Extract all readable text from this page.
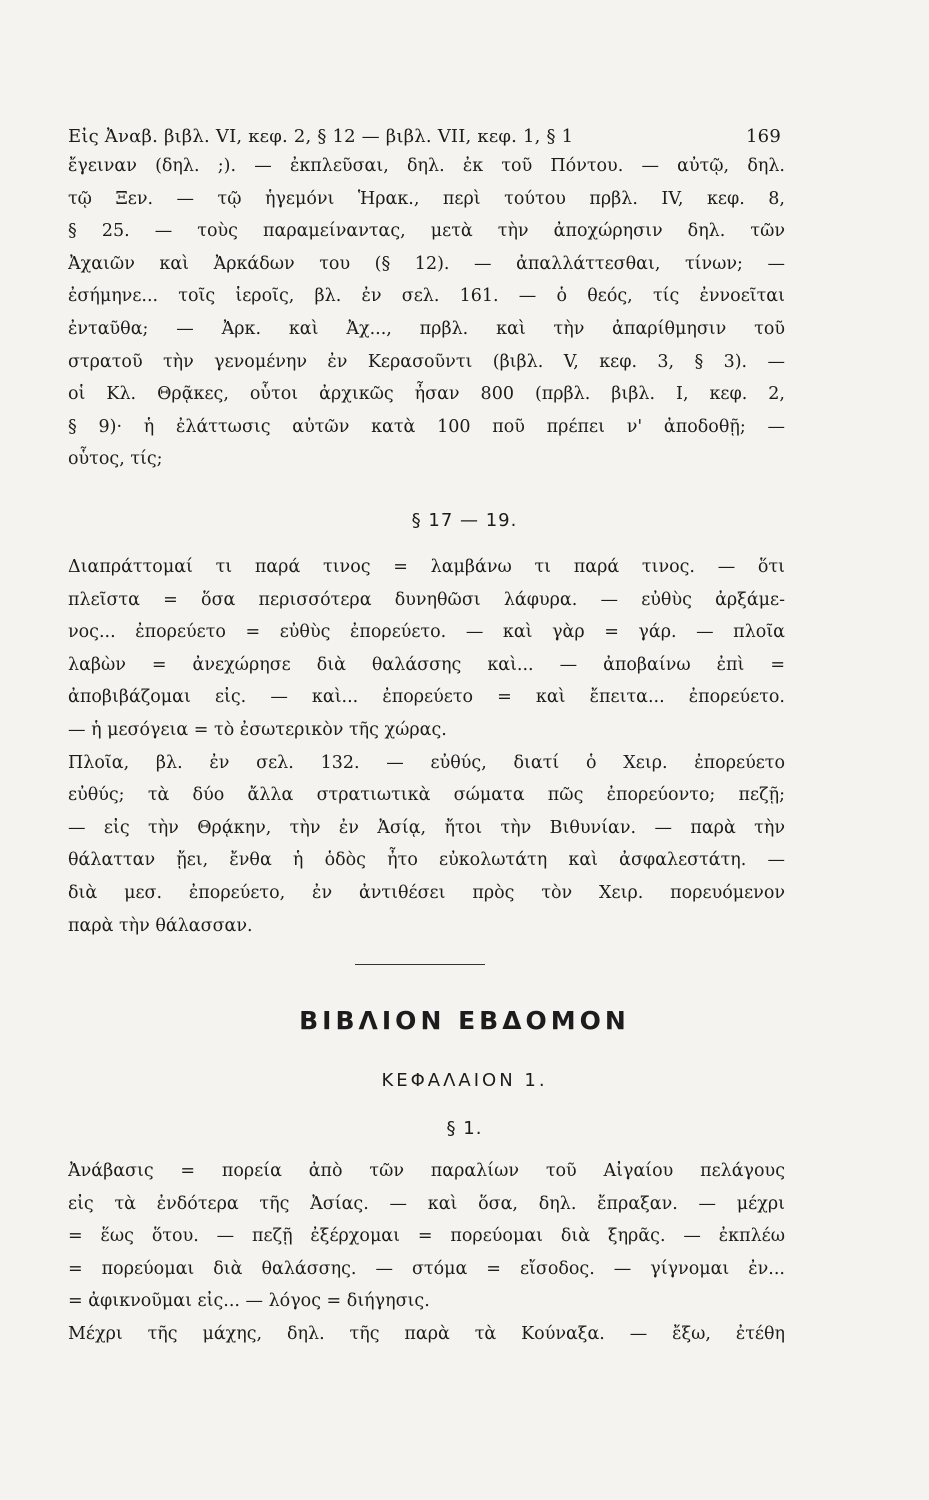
Εἰς Ἀναβ. βιβλ. VI, κεφ. 2, § 12 — βιβλ. VII, κεφ. 1, § 1	169
ἔγειναν (δηλ. ;). — ἐκπλεῦσαι, δηλ. ἐκ τοῦ Πόντου. — αὐτῷ, δηλ.
τῷ Ξεν. — τῷ ἡγεμόνι Ἡρακ., περὶ τούτου πρβλ. IV, κεφ. 8,
§ 25. — τοὺς παραμείναντας, μετὰ τὴν ἀποχώρησιν δηλ. τῶν
Ἀχαιῶν καὶ Ἀρκάδων του (§ 12). — ἀπαλλάττεσθαι, τίνων; —
ἐσήμηνε... τοῖς ἱεροῖς, βλ. ἐν σελ. 161. — ὁ θεός, τίς ἐννοεῖται
ἐνταῦθα; — Ἀρκ. καὶ Ἀχ..., πρβλ. καὶ τὴν ἀπαρίθμησιν τοῦ
στρατοῦ τὴν γενομένην ἐν Κερασοῦντι (βιβλ. V, κεφ. 3, § 3). —
οἱ Κλ. Θρᾷκες, οὗτοι ἀρχικῶς ἦσαν 800 (πρβλ. βιβλ. I, κεφ. 2,
§ 9)· ἡ ἐλάττωσις αὐτῶν κατὰ 100 ποῦ πρέπει ν' ἀποδοθῇ; —
οὗτος, τίς;
§ 17 — 19.
Διαπράττομαί τι παρά τινος = λαμβάνω τι παρά τινος. — ὅτι
πλεῖστα = ὅσα περισσότερα δυνηθῶσι λάφυρα. — εὐθὺς ἀρξάμε-
νος... ἐπορεύετο = εὐθὺς ἐπορεύετο. — καὶ γὰρ = γάρ. — πλοῖα
λαβὼν = ἀνεχώρησε διὰ θαλάσσης καὶ... — ἀποβαίνω ἐπὶ =
ἀποβιβάζομαι εἰς. — καὶ... ἐπορεύετο = καὶ ἔπειτα... ἐπορεύετο.
— ἡ μεσόγεια = τὸ ἐσωτερικὸν τῆς χώρας.
Πλοῖα, βλ. ἐν σελ. 132. — εὐθύς, διατί ὁ Χειρ. ἐπορεύετο
εὐθύς; τὰ δύο ἄλλα στρατιωτικὰ σώματα πῶς ἐπορεύοντο; πεζῇ;
— εἰς τὴν Θρᾴκην, τὴν ἐν Ἀσίᾳ, ἤτοι τὴν Βιθυνίαν. — παρὰ τὴν
θάλατταν ᾔει, ἔνθα ἡ ὁδὸς ἦτο εὐκολωτάτη καὶ ἀσφαλεστάτη. —
διὰ μεσ. ἐπορεύετο, ἐν ἀντιθέσει πρὸς τὸν Χειρ. πορευόμενον
παρὰ τὴν θάλασσαν.
ΒΙΒΛΙΟΝ ΕΒΔΟΜΟΝ
ΚΕΦΑΛΑΙΟΝ 1.
§ 1.
Ἀνάβασις = πορεία ἀπὸ τῶν παραλίων τοῦ Αἰγαίου πελάγους
εἰς τὰ ἐνδότερα τῆς Ἀσίας. — καὶ ὅσα, δηλ. ἔπραξαν. — μέχρι
= ἕως ὅτου. — πεζῇ ἐξέρχομαι = πορεύομαι διὰ ξηρᾶς. — ἐκπλέω
= πορεύομαι διὰ θαλάσσης. — στόμα = εἴσοδος. — γίγνομαι ἐν...
= ἀφικνοῦμαι εἰς... — λόγος = διήγησις.
Μέχρι τῆς μάχης, δηλ. τῆς παρὰ τὰ Κούναξα. — ἔξω, ἐτέθη
